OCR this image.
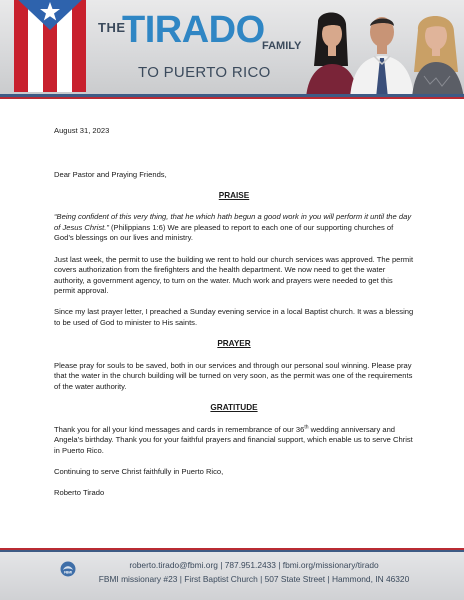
THE
TIRADO
FAMILY
TO PUERTO RICO

August 31, 2023

Dear Pastor and Praying Friends,

PRAISE

“Being confident of this very thing, that he which hath begun a good work in you will perform it until the day of Jesus Christ.” (Philippians 1:6) We are pleased to report to each one of our supporting churches of God’s blessings on our lives and ministry.

Just last week, the permit to use the building we rent to hold our church services was approved. The permit covers authorization from the firefighters and the health department. We now need to get the water authority, a government agency, to turn on the water. Much work and prayers were needed to get this permit approval.

Since my last prayer letter, I preached a Sunday evening service in a local Baptist church. It was a blessing to be used of God to minister to His saints.

PRAYER

Please pray for souls to be saved, both in our services and through our personal soul winning. Please pray that the water in the church building will be turned on very soon, as the permit was one of the requirements of the water authority.

GRATITUDE

Thank you for all your kind messages and cards in remembrance of our 36th wedding anniversary and Angela’s birthday. Thank you for your faithful prayers and financial support, which enable us to serve Christ in Puerto Rico.

Continuing to serve Christ faithfully in Puerto Rico,

Roberto Tirado

FBMI
roberto.tirado@fbmi.org | 787.951.2433 | fbmi.org/missionary/tirado
FBMI missionary #23 | First Baptist Church | 507 State Street | Hammond, IN 46320
